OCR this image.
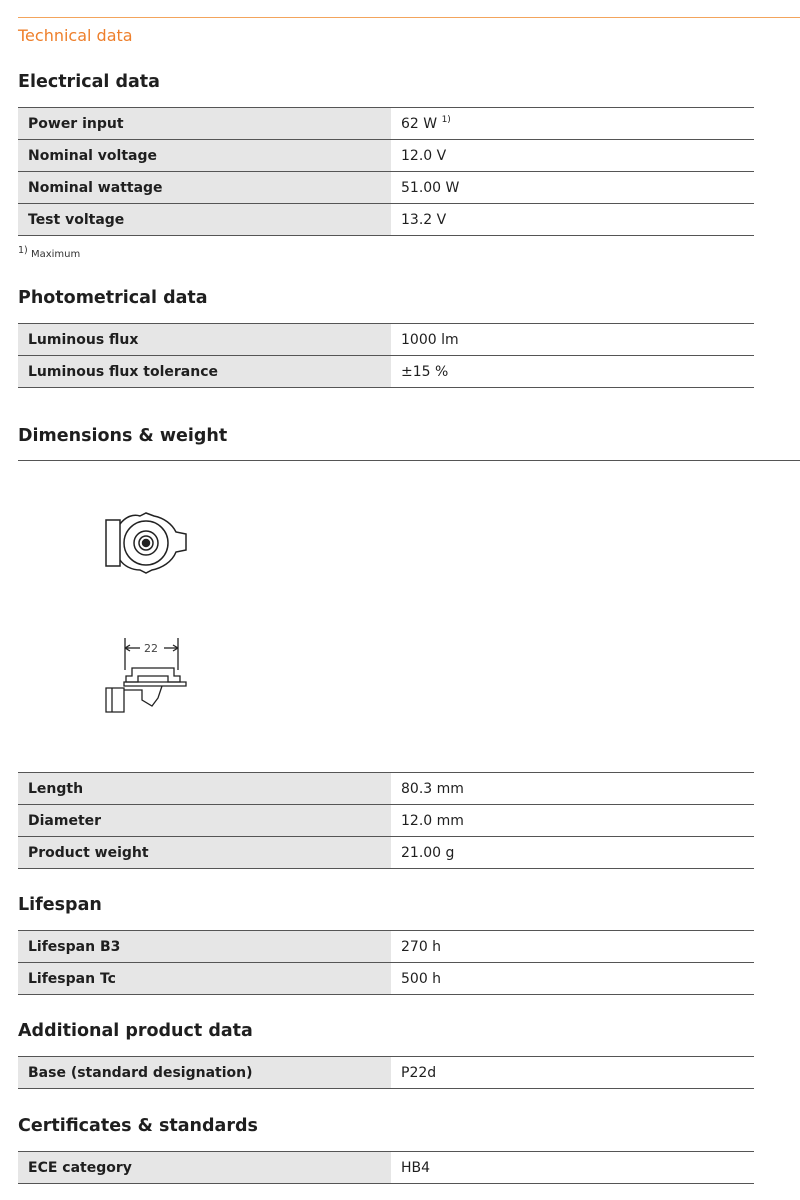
Technical data
Electrical data
Power input	62 W $^{1)}$
Nominal voltage	12.0 V
Nominal wattage	51.00 W
Test voltage	13.2 V
1) Maximum
Photometrical data
Luminous flux	1000 lm
Luminous flux tolerance	±15 %
Dimensions & weight
22
Length	80.3 mm
Diameter	12.0 mm
Product weight	21.00 g
Lifespan
Lifespan B3	270 h
Lifespan Tc	500 h
Additional product data
Base (standard designation)	P22d
Certificates & standards
ECE category	HB4
